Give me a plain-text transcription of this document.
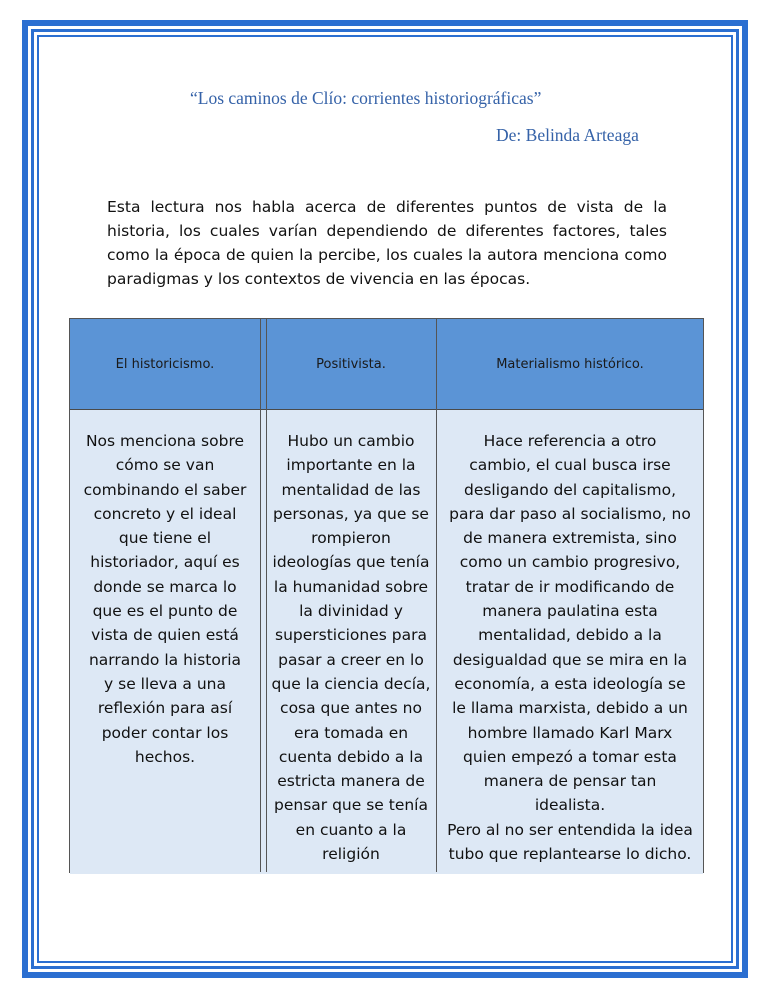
“Los caminos de Clío: corrientes historiográficas”
De: Belinda Arteaga
Esta lectura nos habla acerca de diferentes puntos de vista de la
historia, los cuales varían dependiendo de diferentes factores, tales
como la época de quien la percibe, los cuales la autora menciona como
paradigmas y los contextos de vivencia en las épocas.
El historicismo.	Positivista.	Materialismo histórico.
Nos menciona sobre
cómo se van
combinando el saber
concreto y el ideal
que tiene el
historiador, aquí es
donde se marca lo
que es el punto de
vista de quien está
narrando la historia
y se lleva a una
reflexión para así
poder contar los
hechos.
Hubo un cambio
importante en la
mentalidad de las
personas, ya que se
rompieron
ideologías que tenía
la humanidad sobre
la divinidad y
supersticiones para
pasar a creer en lo
que la ciencia decía,
cosa que antes no
era tomada en
cuenta debido a la
estricta manera de
pensar que se tenía
en cuanto a la
religión
Hace referencia a otro
cambio, el cual busca irse
desligando del capitalismo,
para dar paso al socialismo, no
de manera extremista, sino
como un cambio progresivo,
tratar de ir modificando de
manera paulatina esta
mentalidad, debido a la
desigualdad que se mira en la
economía, a esta ideología se
le llama marxista, debido a un
hombre llamado Karl Marx
quien empezó a tomar esta
manera de pensar tan
idealista.
Pero al no ser entendida la idea
tubo que replantearse lo dicho.
